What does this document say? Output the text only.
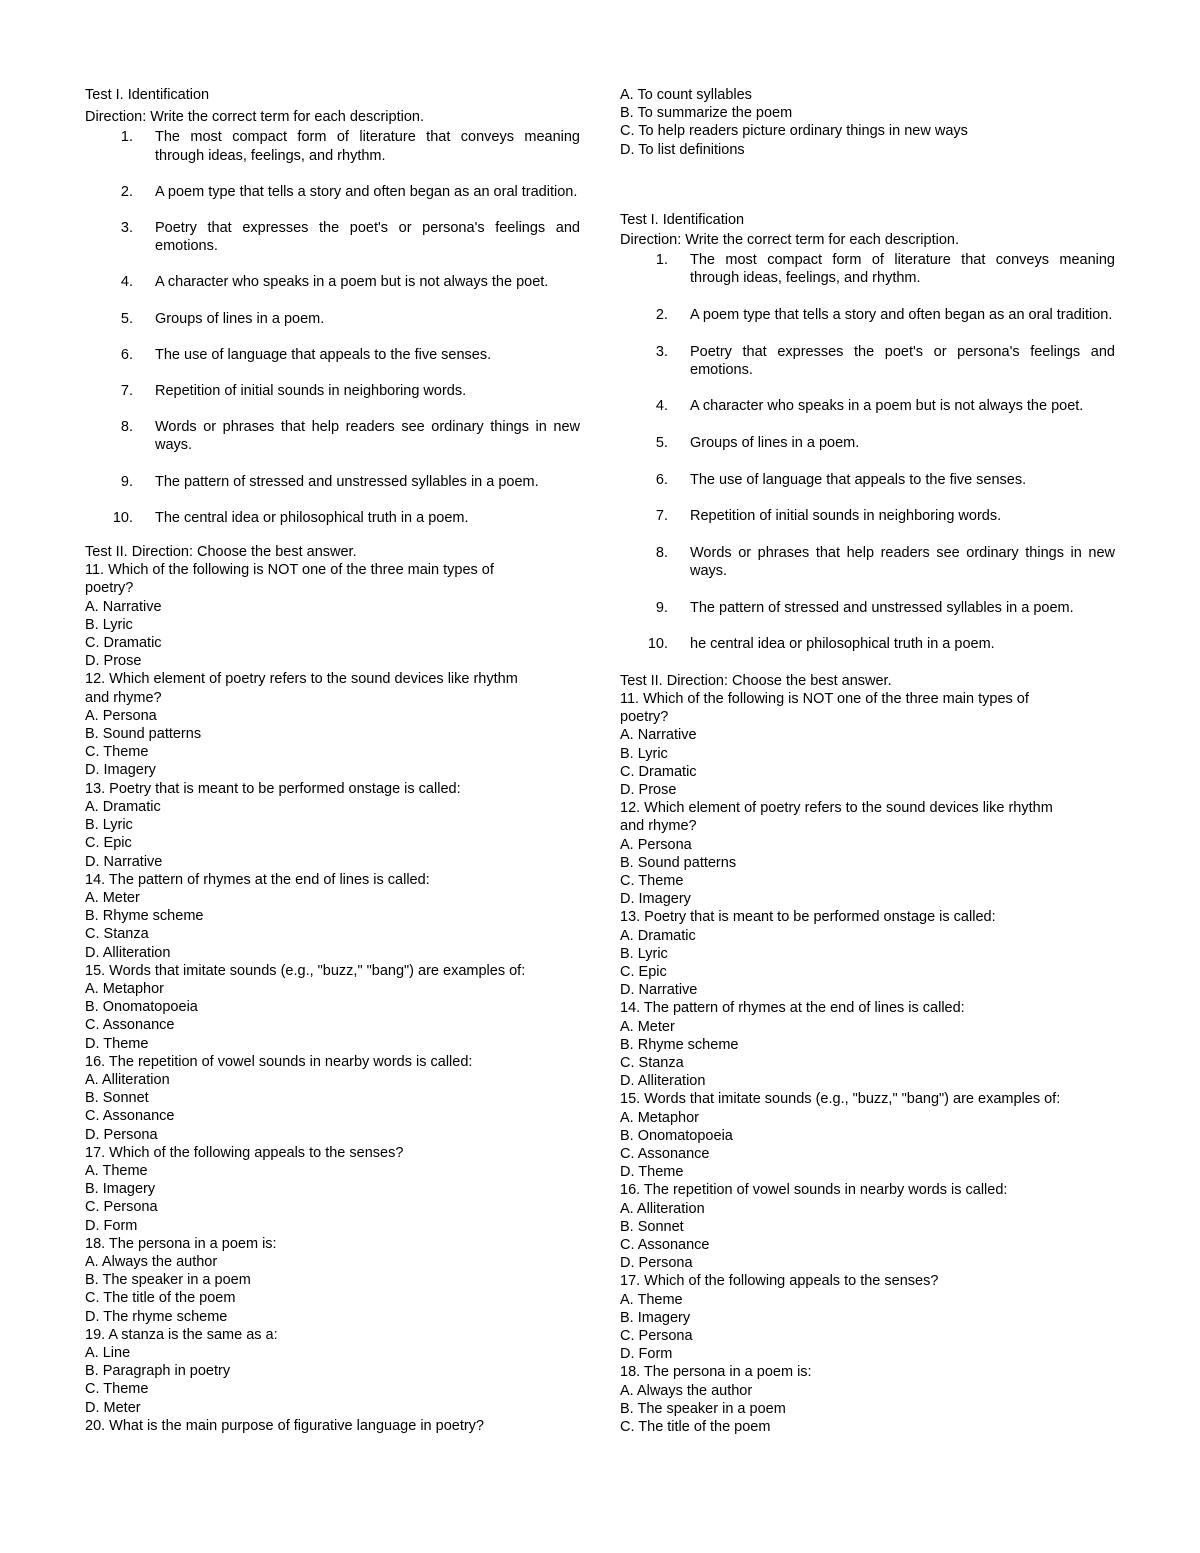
Test I. Identification
Direction: Write the correct term for each description.
1.	The most compact form of literature that conveys meaning through ideas, feelings, and rhythm.
2.	A poem type that tells a story and often began as an oral tradition.
3.	Poetry that expresses the poet's or persona's feelings and emotions.
4.	A character who speaks in a poem but is not always the poet.
5.	Groups of lines in a poem.
6.	The use of language that appeals to the five senses.
7.	Repetition of initial sounds in neighboring words.
8.	Words or phrases that help readers see ordinary things in new ways.
9.	The pattern of stressed and unstressed syllables in a poem.
10.	The central idea or philosophical truth in a poem.
Test II. Direction: Choose the best answer.
11. Which of the following is NOT one of the three main types of
poetry?
A. Narrative
B. Lyric
C. Dramatic
D. Prose
12. Which element of poetry refers to the sound devices like rhythm
and rhyme?
A. Persona
B. Sound patterns
C. Theme
D. Imagery
13. Poetry that is meant to be performed onstage is called:
A. Dramatic
B. Lyric
C. Epic
D. Narrative
14. The pattern of rhymes at the end of lines is called:
A. Meter
B. Rhyme scheme
C. Stanza
D. Alliteration
15. Words that imitate sounds (e.g., "buzz," "bang") are examples of:
A. Metaphor
B. Onomatopoeia
C. Assonance
D. Theme
16. The repetition of vowel sounds in nearby words is called:
A. Alliteration
B. Sonnet
C. Assonance
D. Persona
17. Which of the following appeals to the senses?
A. Theme
B. Imagery
C. Persona
D. Form
18. The persona in a poem is:
A. Always the author
B. The speaker in a poem
C. The title of the poem
D. The rhyme scheme
19. A stanza is the same as a:
A. Line
B. Paragraph in poetry
C. Theme
D. Meter
20. What is the main purpose of figurative language in poetry?
A. To count syllables
B. To summarize the poem
C. To help readers picture ordinary things in new ways
D. To list definitions
Test I. Identification
Direction: Write the correct term for each description.
1.	The most compact form of literature that conveys meaning through ideas, feelings, and rhythm.
2.	A poem type that tells a story and often began as an oral tradition.
3.	Poetry that expresses the poet's or persona's feelings and emotions.
4.	A character who speaks in a poem but is not always the poet.
5.	Groups of lines in a poem.
6.	The use of language that appeals to the five senses.
7.	Repetition of initial sounds in neighboring words.
8.	Words or phrases that help readers see ordinary things in new ways.
9.	The pattern of stressed and unstressed syllables in a poem.
10.	he central idea or philosophical truth in a poem.
Test II. Direction: Choose the best answer.
11. Which of the following is NOT one of the three main types of
poetry?
A. Narrative
B. Lyric
C. Dramatic
D. Prose
12. Which element of poetry refers to the sound devices like rhythm
and rhyme?
A. Persona
B. Sound patterns
C. Theme
D. Imagery
13. Poetry that is meant to be performed onstage is called:
A. Dramatic
B. Lyric
C. Epic
D. Narrative
14. The pattern of rhymes at the end of lines is called:
A. Meter
B. Rhyme scheme
C. Stanza
D. Alliteration
15. Words that imitate sounds (e.g., "buzz," "bang") are examples of:
A. Metaphor
B. Onomatopoeia
C. Assonance
D. Theme
16. The repetition of vowel sounds in nearby words is called:
A. Alliteration
B. Sonnet
C. Assonance
D. Persona
17. Which of the following appeals to the senses?
A. Theme
B. Imagery
C. Persona
D. Form
18. The persona in a poem is:
A. Always the author
B. The speaker in a poem
C. The title of the poem
